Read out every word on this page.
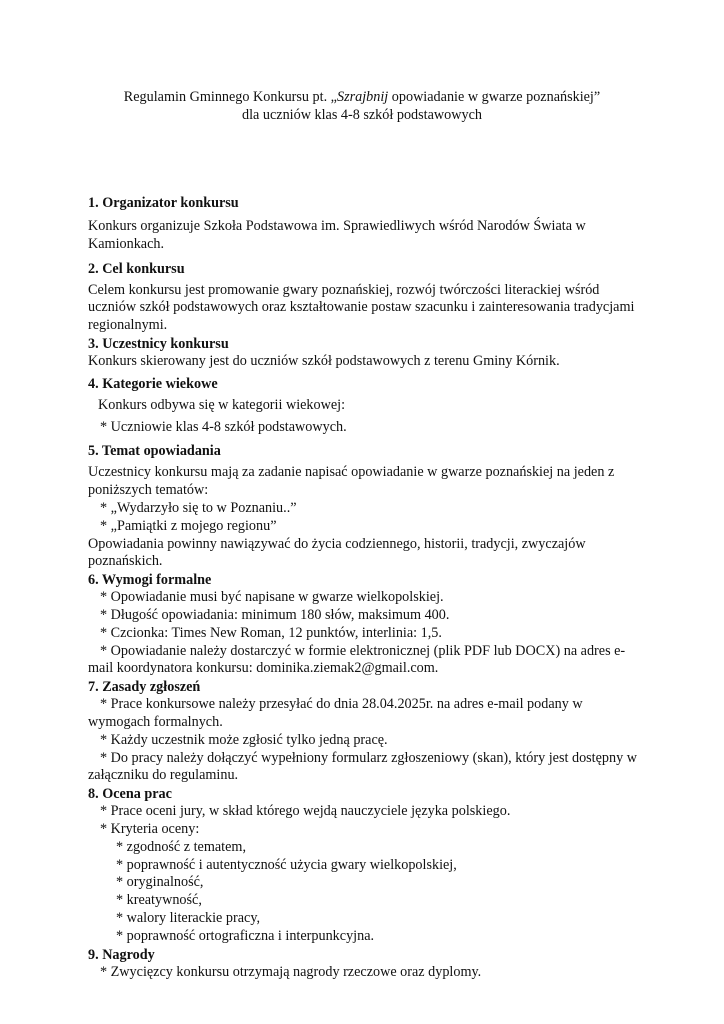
Regulamin Gminnego Konkursu pt. „Szrajbnij opowiadanie w gwarze poznańskiej”
dla uczniów klas 4-8 szkół podstawowych
1. Organizator konkursu

Konkurs organizuje Szkoła Podstawowa im. Sprawiedliwych wśród Narodów Świata w Kamionkach.

2. Cel konkursu

Celem konkursu jest promowanie gwary poznańskiej, rozwój twórczości literackiej wśród uczniów szkół podstawowych oraz kształtowanie postaw szacunku i zainteresowania tradycjami regionalnymi.

3. Uczestnicy konkursu

Konkurs skierowany jest do uczniów szkół podstawowych z terenu Gminy Kórnik.

4. Kategorie wiekowe

Konkurs odbywa się w kategorii wiekowej:

* Uczniowie klas 4-8 szkół podstawowych.

5. Temat opowiadania

Uczestnicy konkursu mają za zadanie napisać opowiadanie w gwarze poznańskiej na jeden z poniższych tematów:

* „Wydarzyło się to w Poznaniu..”

* „Pamiątki z mojego regionu”

Opowiadania powinny nawiązywać do życia codziennego, historii, tradycji, zwyczajów poznańskich.

6. Wymogi formalne

* Opowiadanie musi być napisane w gwarze wielkopolskiej.

* Długość opowiadania: minimum 180 słów, maksimum 400.

* Czcionka: Times New Roman, 12 punktów, interlinia: 1,5.

* Opowiadanie należy dostarczyć w formie elektronicznej (plik PDF lub DOCX) na adres e-mail koordynatora konkursu: dominika.ziemak2@gmail.com.

7. Zasady zgłoszeń

* Prace konkursowe należy przesyłać do dnia 28.04.2025r. na adres e-mail podany w wymogach formalnych.

* Każdy uczestnik może zgłosić tylko jedną pracę.

* Do pracy należy dołączyć wypełniony formularz zgłoszeniowy (skan), który jest dostępny w załączniku do regulaminu.

8. Ocena prac

* Prace oceni jury, w skład którego wejdą nauczyciele języka polskiego.

* Kryteria oceny:

* zgodność z tematem,

* poprawność i autentyczność użycia gwary wielkopolskiej,

* oryginalność,

* kreatywność,

* walory literackie pracy,

* poprawność ortograficzna i interpunkcyjna.

9. Nagrody

* Zwycięzcy konkursu otrzymają nagrody rzeczowe oraz dyplomy.
